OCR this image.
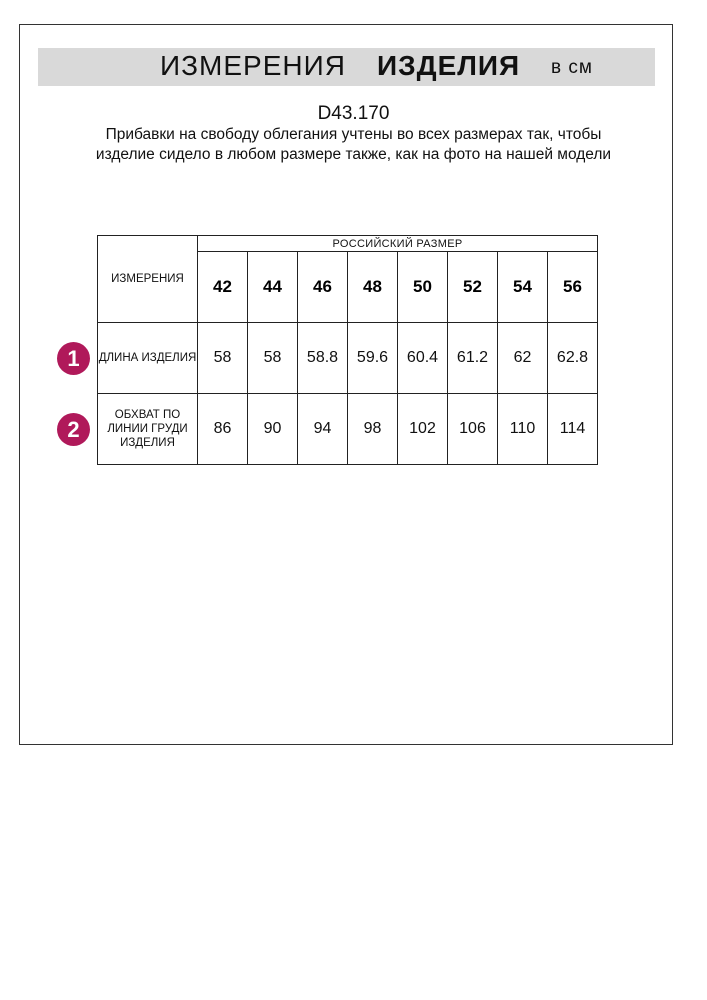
ИЗМЕРЕНИЯ ИЗДЕЛИЯ в см
D43.170
Прибавки на свободу облегания учтены во всех размерах так, чтобы изделие сидело в любом размере также, как на фото на нашей модели
1
2
ИЗМЕРЕНИЯ	РОССИЙСКИЙ РАЗМЕР							
	42	44	46	48	50	52	54	56
ДЛИНА ИЗДЕЛИЯ	58	58	58.8	59.6	60.4	61.2	62	62.8
ОБХВАТ ПО ЛИНИИ ГРУДИ ИЗДЕЛИЯ	86	90	94	98	102	106	110	114
